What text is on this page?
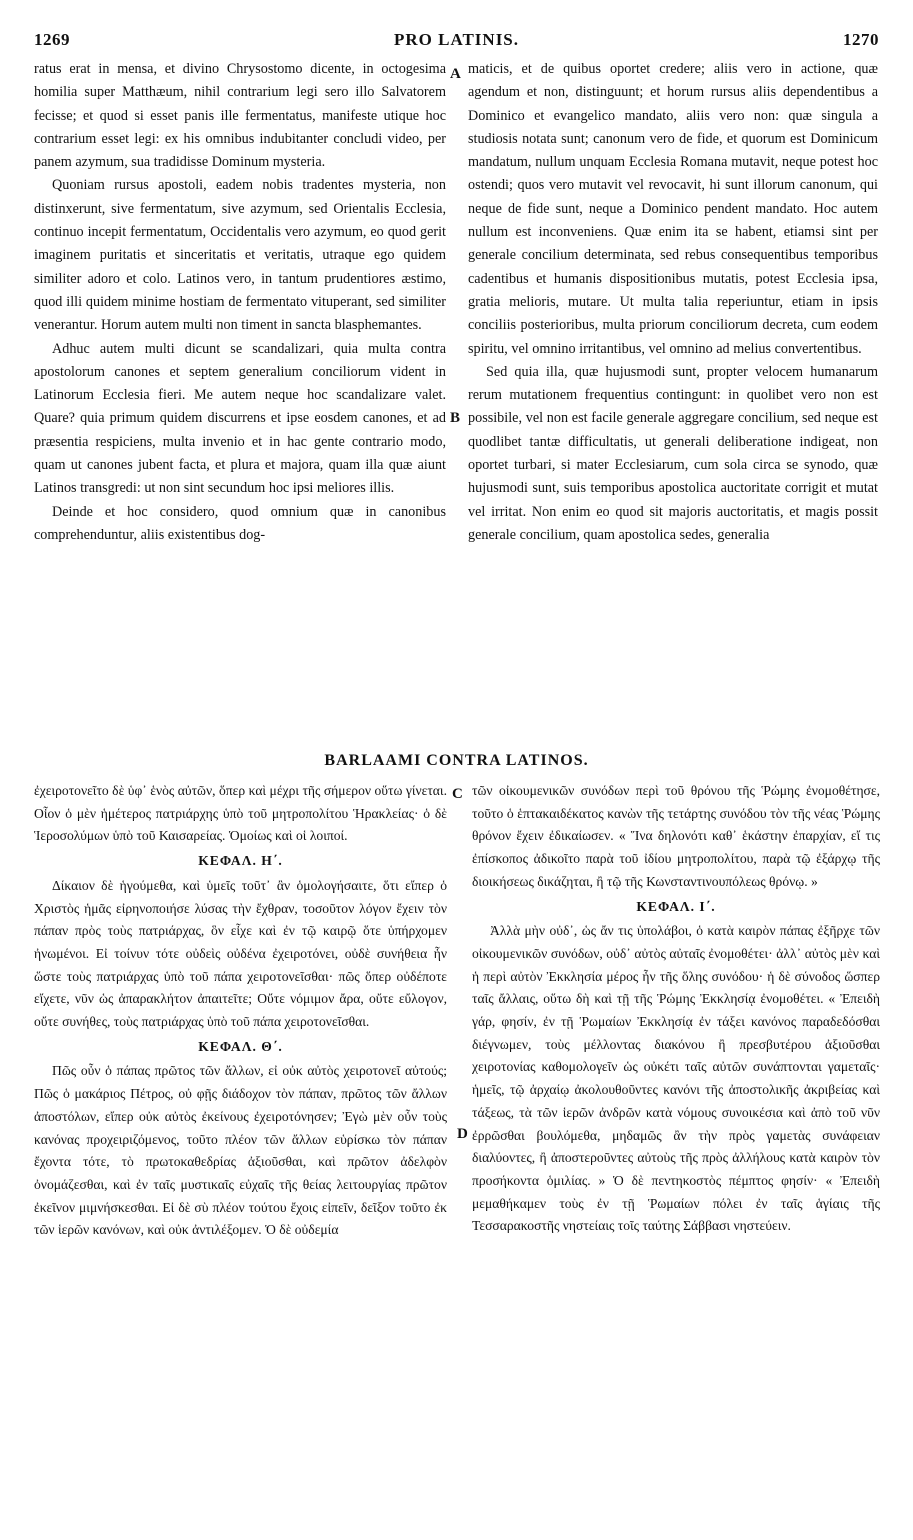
1269	PRO LATINIS.	1270
A
B
C
D

ratus erat in mensa, et divino Chrysostomo dicente, in octogesima homilia super Matthæum, nihil contrarium legi sero illo Salvatorem fecisse; et quod si esset panis ille fermentatus, manifeste utique hoc contrarium esset legi: ex his omnibus indubitanter concludi video, per panem azymum, sua tradidisse Dominum mysteria.

Quoniam rursus apostoli, eadem nobis tradentes mysteria, non distinxerunt, sive fermentatum, sive azymum, sed Orientalis Ecclesia, continuo incepit fermentatum, Occidentalis vero azymum, eo quod gerit imaginem puritatis et sinceritatis et veritatis, utraque ego quidem similiter adoro et colo. Latinos vero, in tantum prudentiores æstimo, quod illi quidem minime hostiam de fermentato vituperant, sed similiter venerantur. Horum autem multi non timent in sancta blasphemantes.

Adhuc autem multi dicunt se scandalizari, quia multa contra apostolorum canones et septem generalium conciliorum vident in Latinorum Ecclesia fieri. Me autem neque hoc scandalizare valet. Quare? quia primum quidem discurrens et ipse eosdem canones, et ad præsentia respiciens, multa invenio et in hac gente contrario modo, quam ut canones jubent facta, et plura et majora, quam illa quæ aiunt Latinos transgredi: ut non sint secundum hoc ipsi meliores illis.

Deinde et hoc considero, quod omnium quæ in canonibus comprehenduntur, aliis existentibus dog-

maticis, et de quibus oportet credere; aliis vero in actione, quæ agendum et non, distinguunt; et horum rursus aliis dependentibus a Dominico et evangelico mandato, aliis vero non: quæ singula a studiosis notata sunt; canonum vero de fide, et quorum est Dominicum mandatum, nullum unquam Ecclesia Romana mutavit, neque potest hoc ostendi; quos vero mutavit vel revocavit, hi sunt illorum canonum, qui neque de fide sunt, neque a Dominico pendent mandato. Hoc autem nullum est inconveniens. Quæ enim ita se habent, etiamsi sint per generale concilium determinata, sed rebus consequentibus temporibus cadentibus et humanis dispositionibus mutatis, potest Ecclesia ipsa, gratia melioris, mutare. Ut multa talia reperiuntur, etiam in ipsis conciliis posterioribus, multa priorum conciliorum decreta, cum eodem spiritu, vel omnino irritantibus, vel omnino ad melius convertentibus.

Sed quia illa, quæ hujusmodi sunt, propter velocem humanarum rerum mutationem frequentius contingunt: in quolibet vero non est possibile, vel non est facile generale aggregare concilium, sed neque est quodlibet tantæ difficultatis, ut generali deliberatione indigeat, non oportet turbari, si mater Ecclesiarum, cum sola circa se synodo, quæ hujusmodi sunt, suis temporibus apostolica auctoritate corrigit et mutat vel irritat. Non enim eo quod sit majoris auctoritatis, et magis possit generale concilium, quam apostolica sedes, generalia

BARLAAMI CONTRA LATINOS.

ἐχειροτονεῖτο δὲ ὑφ᾽ ἑνὸς αὐτῶν, ὅπερ καὶ μέχρι τῆς σήμερον οὕτω γίνεται. Οἷον ὁ μὲν ἡμέτερος πατριάρχης ὑπὸ τοῦ μητροπολίτου Ἡρακλείας· ὁ δὲ Ἱεροσολύμων ὑπὸ τοῦ Καισαρείας. Ὁμοίως καὶ οἱ λοιποί.

ΚΕΦΑΛ. Η΄.

Δίκαιον δὲ ἡγούμεθα, καὶ ὑμεῖς τοῦτ᾽ ἂν ὁμολογήσαιτε, ὅτι εἴπερ ὁ Χριστὸς ἡμᾶς εἰρηνοποιήσε λύσας τὴν ἔχθραν, τοσοῦτον λόγον ἔχειν τὸν πάπαν πρὸς τοὺς πατριάρχας, ὃν εἶχε καὶ ἐν τῷ καιρῷ ὅτε ὑπήρχομεν ἠνωμένοι. Εἰ τοίνυν τότε οὐδεὶς οὐδένα ἐχειροτόνει, οὐδὲ συνήθεια ἦν ὥστε τοὺς πατριάρχας ὑπὸ τοῦ πάπα χειροτονεῖσθαι· πῶς ὅπερ οὐδέποτε εἴχετε, νῦν ὡς ἀπαρακλήτον ἀπαιτεῖτε; Οὔτε νόμιμον ἄρα, οὔτε εὔλογον, οὔτε συνήθες, τοὺς πατριάρχας ὑπὸ τοῦ πάπα χειροτονεῖσθαι.

ΚΕΦΑΛ. Θ΄.

Πῶς οὖν ὁ πάπας πρῶτος τῶν ἄλλων, εἰ οὐκ αὐτὸς χειροτονεῖ αὐτούς; Πῶς ὁ μακάριος Πέτρος, οὐ φῇς διάδοχον τὸν πάπαν, πρῶτος τῶν ἄλλων ἀποστόλων, εἴπερ οὐκ αὐτὸς ἐκείνους ἐχειροτόνησεν; Ἐγὼ μὲν οὖν τοὺς κανόνας προχειριζόμενος, τοῦτο πλέον τῶν ἄλλων εὑρίσκω τὸν πάπαν ἔχοντα τότε, τὸ πρωτοκαθεδρίας ἀξιοῦσθαι, καὶ πρῶτον ἀδελφὸν ὀνομάζεσθαι, καὶ ἐν ταῖς μυστικαῖς εὐχαῖς τῆς θείας λειτουργίας πρῶτον ἐκεῖνον μιμνήσκεσθαι. Εἰ δὲ σὺ πλέον τούτου ἔχοις εἰπεῖν, δεῖξον τοῦτο ἐκ τῶν ἱερῶν κανόνων, καὶ οὐκ ἀντιλέξομεν. Ὁ δὲ οὐδεμία

τῶν οἰκουμενικῶν συνόδων περὶ τοῦ θρόνου τῆς Ῥώμης ἐνομοθέτησε, τοῦτο ὁ ἑπτακαιδέκατος κανὼν τῆς τετάρτης συνόδου τὸν τῆς νέας Ῥώμης θρόνον ἔχειν ἐδικαίωσεν. « Ἵνα δηλονότι καθ᾽ ἑκάστην ἐπαρχίαν, εἴ τις ἐπίσκοπος ἀδικοῖτο παρὰ τοῦ ἰδίου μητροπολίτου, παρὰ τῷ ἐξάρχῳ τῆς διοικήσεως δικάζηται, ἢ τῷ τῆς Κωνσταντινουπόλεως θρόνῳ. »

ΚΕΦΑΛ. Ι΄.

Ἀλλὰ μὴν οὐδ᾽, ὡς ἄν τις ὑπολάβοι, ὁ κατὰ καιρὸν πάπας ἐξῆρχε τῶν οἰκουμενικῶν συνόδων, οὐδ᾽ αὐτὸς αὐταῖς ἐνομοθέτει· ἀλλ᾽ αὐτὸς μὲν καὶ ἡ περὶ αὐτὸν Ἐκκλησία μέρος ἦν τῆς ὅλης συνόδου· ἡ δὲ σύνοδος ὥσπερ ταῖς ἄλλαις, οὕτω δὴ καὶ τῇ τῆς Ῥώμης Ἐκκλησίᾳ ἐνομοθέτει. « Ἐπειδὴ γάρ, φησίν, ἐν τῇ Ῥωμαίων Ἐκκλησίᾳ ἐν τάξει κανόνος παραδεδόσθαι διέγνωμεν, τοὺς μέλλοντας διακόνου ἢ πρεσβυτέρου ἀξιοῦσθαι χειροτονίας καθομολογεῖν ὡς οὐκέτι ταῖς αὐτῶν συνάπτονται γαμεταῖς· ἡμεῖς, τῷ ἀρχαίῳ ἀκολουθοῦντες κανόνι τῆς ἀποστολικῆς ἀκριβείας καὶ τάξεως, τὰ τῶν ἱερῶν ἀνδρῶν κατὰ νόμους συνοικέσια καὶ ἀπὸ τοῦ νῦν ἐρρῶσθαι βουλόμεθα, μηδαμῶς ἂν τὴν πρὸς γαμετὰς συνάφειαν διαλύοντες, ἢ ἀποστεροῦντες αὐτοὺς τῆς πρὸς ἀλλήλους κατὰ καιρὸν τὸν προσήκοντα ὁμιλίας. » Ὁ δὲ πεντηκοστὸς πέμπτος φησίν· « Ἐπειδὴ μεμαθήκαμεν τοὺς ἐν τῇ Ῥωμαίων πόλει ἐν ταῖς ἁγίαις τῆς Τεσσαρακοστῆς νηστείαις τοῖς ταύτης Σάββασι νηστεύειν.
